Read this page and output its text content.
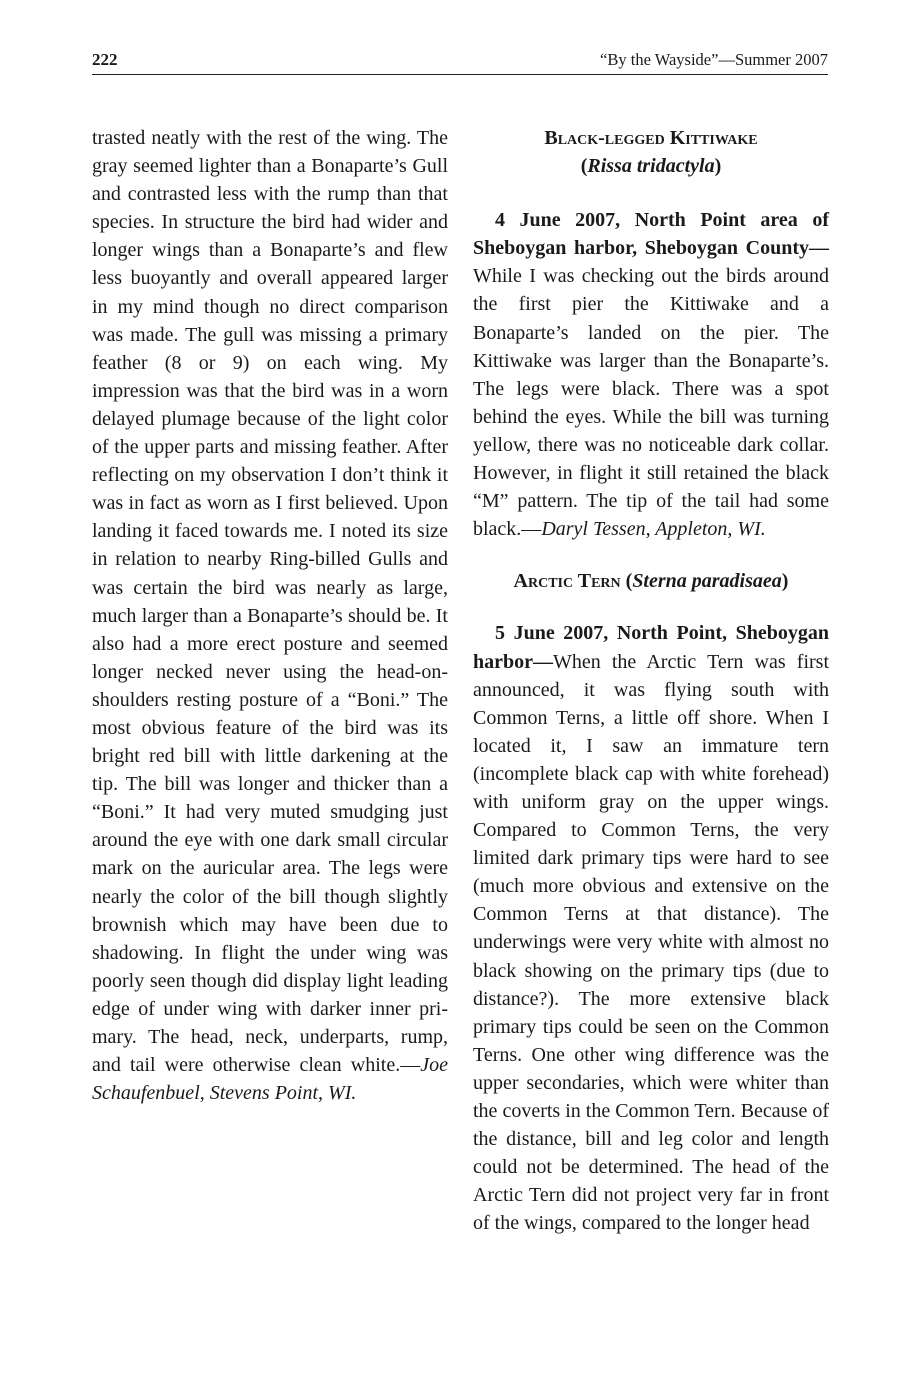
222	“By the Wayside”—Summer 2007

trasted neatly with the rest of the wing. The gray seemed lighter than a Bonaparte’s Gull and contrasted less with the rump than that species. In structure the bird had wider and longer wings than a Bonaparte’s and flew less buoyantly and overall appeared larger in my mind though no direct comparison was made. The gull was missing a primary feather (8 or 9) on each wing. My impression was that the bird was in a worn delayed plumage because of the light color of the upper parts and missing feather. After reflecting on my observation I don’t think it was in fact as worn as I first believed. Upon landing it faced towards me. I noted its size in relation to nearby Ring-billed Gulls and was certain the bird was nearly as large, much larger than a Bonaparte’s should be. It also had a more erect posture and seemed longer necked never using the head-on-shoulders resting posture of a “Boni.” The most obvious feature of the bird was its bright red bill with little darkening at the tip. The bill was longer and thicker than a “Boni.” It had very muted smudging just around the eye with one dark small circular mark on the auricular area. The legs were nearly the color of the bill though slightly brownish which may have been due to shadowing. In flight the under wing was poorly seen though did display light leading edge of under wing with darker inner primary. The head, neck, underparts, rump, and tail were otherwise clean white.—Joe Schaufenbuel, Stevens Point, WI.

Black-legged Kittiwake
(Rissa tridactyla)

4 June 2007, North Point area of Sheboygan harbor, Sheboygan County—While I was checking out the birds around the first pier the Kittiwake and a Bonaparte’s landed on the pier. The Kittiwake was larger than the Bonaparte’s. The legs were black. There was a spot behind the eyes. While the bill was turning yellow, there was no noticeable dark collar. However, in flight it still retained the black “M” pattern. The tip of the tail had some black.—Daryl Tessen, Appleton, WI.

Arctic Tern (Sterna paradisaea)

5 June 2007, North Point, Sheboygan harbor—When the Arctic Tern was first announced, it was flying south with Common Terns, a little off shore. When I located it, I saw an immature tern (incomplete black cap with white forehead) with uniform gray on the upper wings. Compared to Common Terns, the very limited dark primary tips were hard to see (much more obvious and extensive on the Common Terns at that distance). The underwings were very white with almost no black showing on the primary tips (due to distance?). The more extensive black primary tips could be seen on the Common Terns. One other wing difference was the upper secondaries, which were whiter than the coverts in the Common Tern. Because of the distance, bill and leg color and length could not be determined. The head of the Arctic Tern did not project very far in front of the wings, compared to the longer head
